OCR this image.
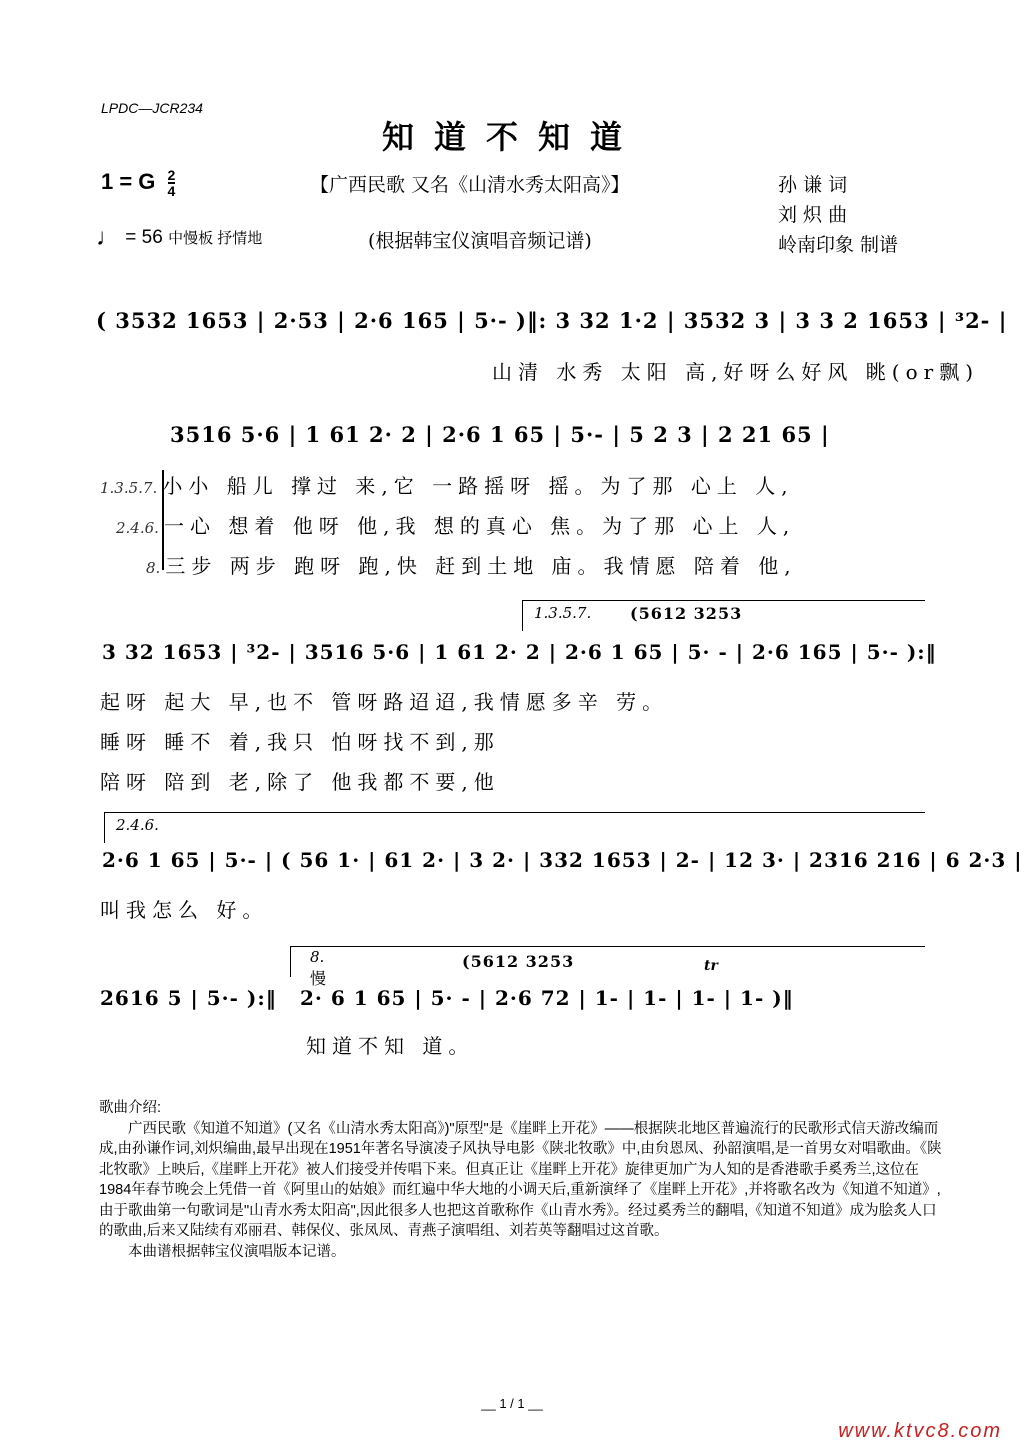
LPDC—JCR234
知道不知道
1 = G $\frac{2}{4}$
♩ = 56 中慢板 抒情地
【广西民歌 又名《山清水秀太阳高》】
(根据韩宝仪演唱音频记谱)
孙 谦 词
刘 炽 曲
岭南印象 制谱
( 3532 1653 | 2·53 | 2·6 165 | 5·- )‖: 3 32 1·2 | 3532 3 | 3 3 2 1653 | ³2- |
山清 水秀 太阳 高,好呀么好风 眺(or飘)
3516 5·6 | 1 61 2· 2 | 2·6 1 65 | 5·- | 5 2 3 | 2 21 65 |
1.3.5.7. 小小 船儿 撑过 来,它 一路摇呀 摇。为了那 心上 人,
2.4.6. 一心 想着 他呀 他,我 想的真心 焦。为了那 心上 人,
8. 三步 两步 跑呀 跑,快 赶到土地 庙。我情愿 陪着 他,
1.3.5.7. (5612 3253
3 32 1653 | ³2- | 3516 5·6 | 1 61 2· 2 | 2·6 1 65 | 5· - | 2·6 165 | 5·- ):‖
起呀 起大 早,也不 管呀路迢迢,我情愿多辛 劳。
睡呀 睡不 着,我只 怕呀找不到,那
陪呀 陪到 老,除了 他我都不要,他
2.4.6.
2·6 1 65 | 5·- | ( 56 1· | 61 2· | 3 2· | 332 1653 | 2- | 12 3· | 2316 216 | 6 2·3 |
叫我怎么 好。
8.
慢
(5612 3253	tr
2616 5 | 5·- ):‖ 2· 6 1 65 | 5· - | 2·6 72 | 1- | 1- | 1- | 1- )‖
知道不知 道。

歌曲介绍:

广西民歌《知道不知道》(又名《山清水秀太阳高》)"原型"是《崖畔上开花》——根据陕北地区普遍流行的民歌形式信天游改编而成,由孙谦作词,刘炽编曲,最早出现在1951年著名导演凌子风执导电影《陕北牧歌》中,由贠恩凤、孙韶演唱,是一首男女对唱歌曲。《陕北牧歌》上映后,《崖畔上开花》被人们接受并传唱下来。但真正让《崖畔上开花》旋律更加广为人知的是香港歌手奚秀兰,这位在1984年春节晚会上凭借一首《阿里山的姑娘》而红遍中华大地的小调天后,重新演绎了《崖畔上开花》,并将歌名改为《知道不知道》,由于歌曲第一句歌词是"山青水秀太阳高",因此很多人也把这首歌称作《山青水秀》。经过奚秀兰的翻唱,《知道不知道》成为脍炙人口的歌曲,后来又陆续有邓丽君、韩保仪、张凤凤、青燕子演唱组、刘若英等翻唱过这首歌。

本曲谱根据韩宝仪演唱版本记谱。

__ 1 / 1 __
www.ktvc8.com
